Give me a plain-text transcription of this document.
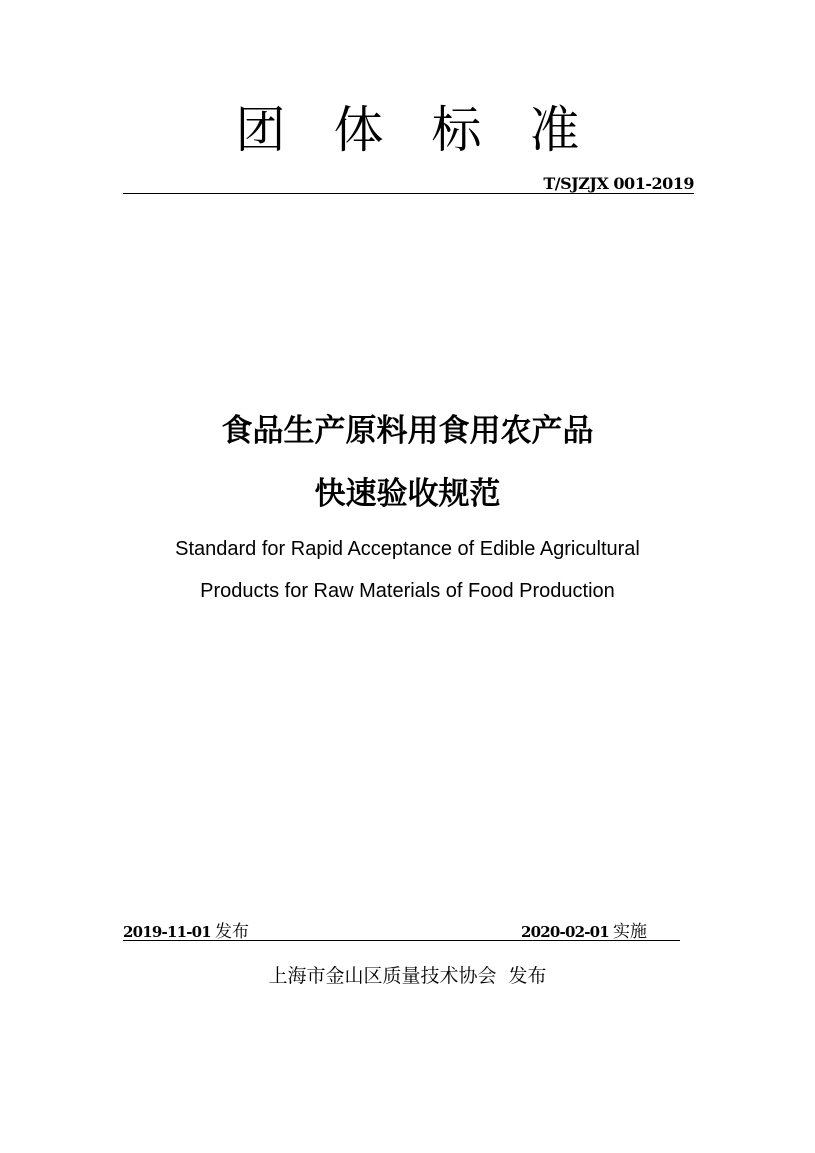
团体标准
T/SJZJX 001-2019
食品生产原料用食用农产品
快速验收规范
Standard for Rapid Acceptance of Edible Agricultural
Products for Raw Materials of Food Production
2019-11-01 发布	2020-02-01 实施
上海市金山区质量技术协会 发布
